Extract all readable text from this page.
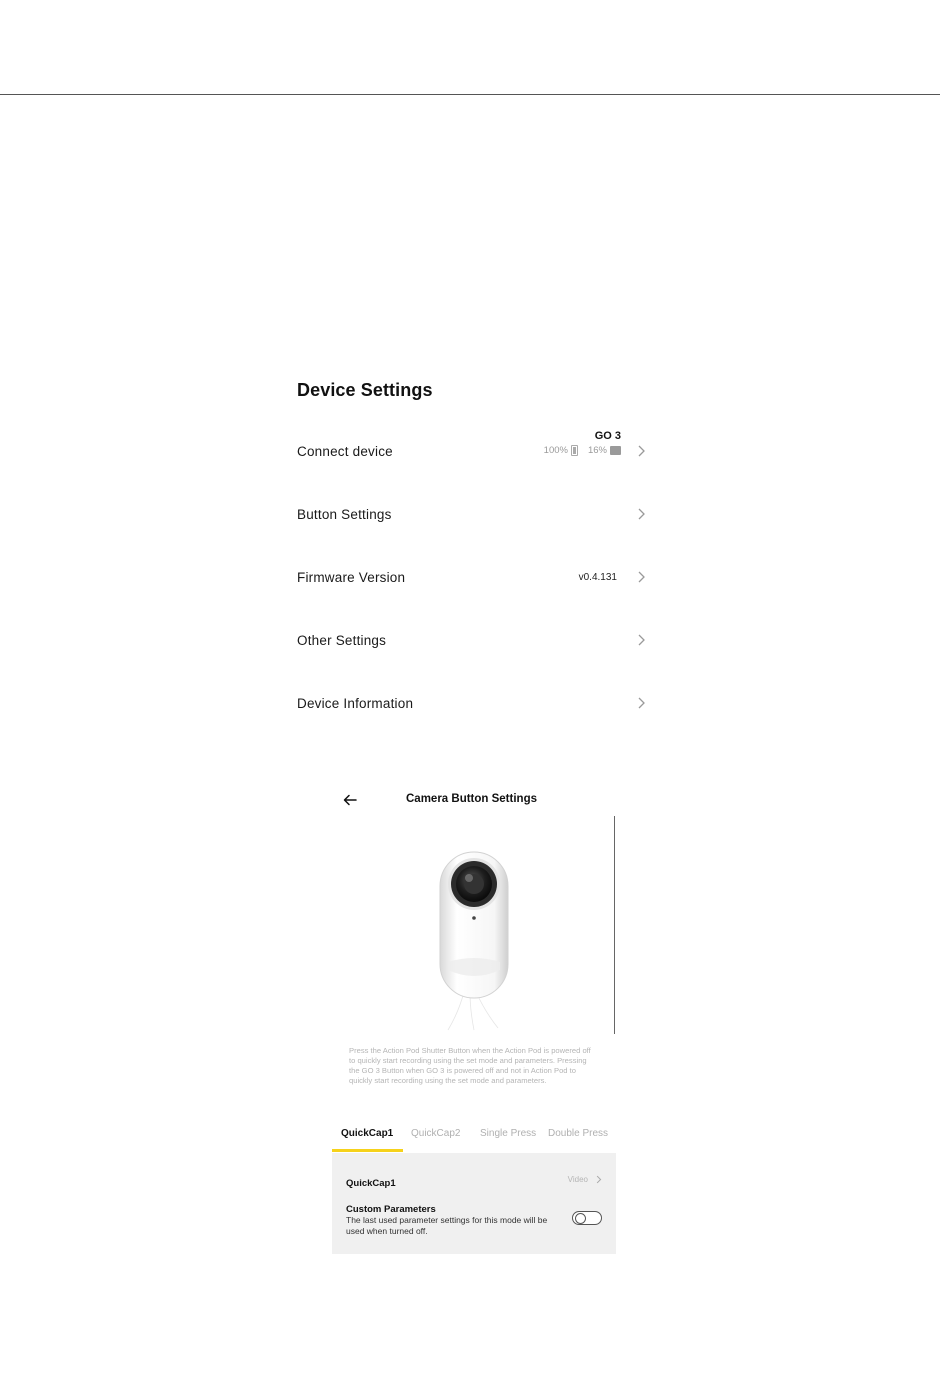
Device Settings
Connect device
GO 3
100% 16%
Button Settings
Firmware Version	v0.4.131
Other Settings
Device Information
Camera Button Settings
Press the Action Pod Shutter Button when the Action Pod is powered off to quickly start recording using the set mode and parameters. Pressing the GO 3 Button when GO 3 is powered off and not in Action Pod to quickly start recording using the set mode and parameters.
QuickCap1 QuickCap2 Single Press Double Press
QuickCap1	Video
Custom Parameters
The last used parameter settings for this mode will be used when turned off.
